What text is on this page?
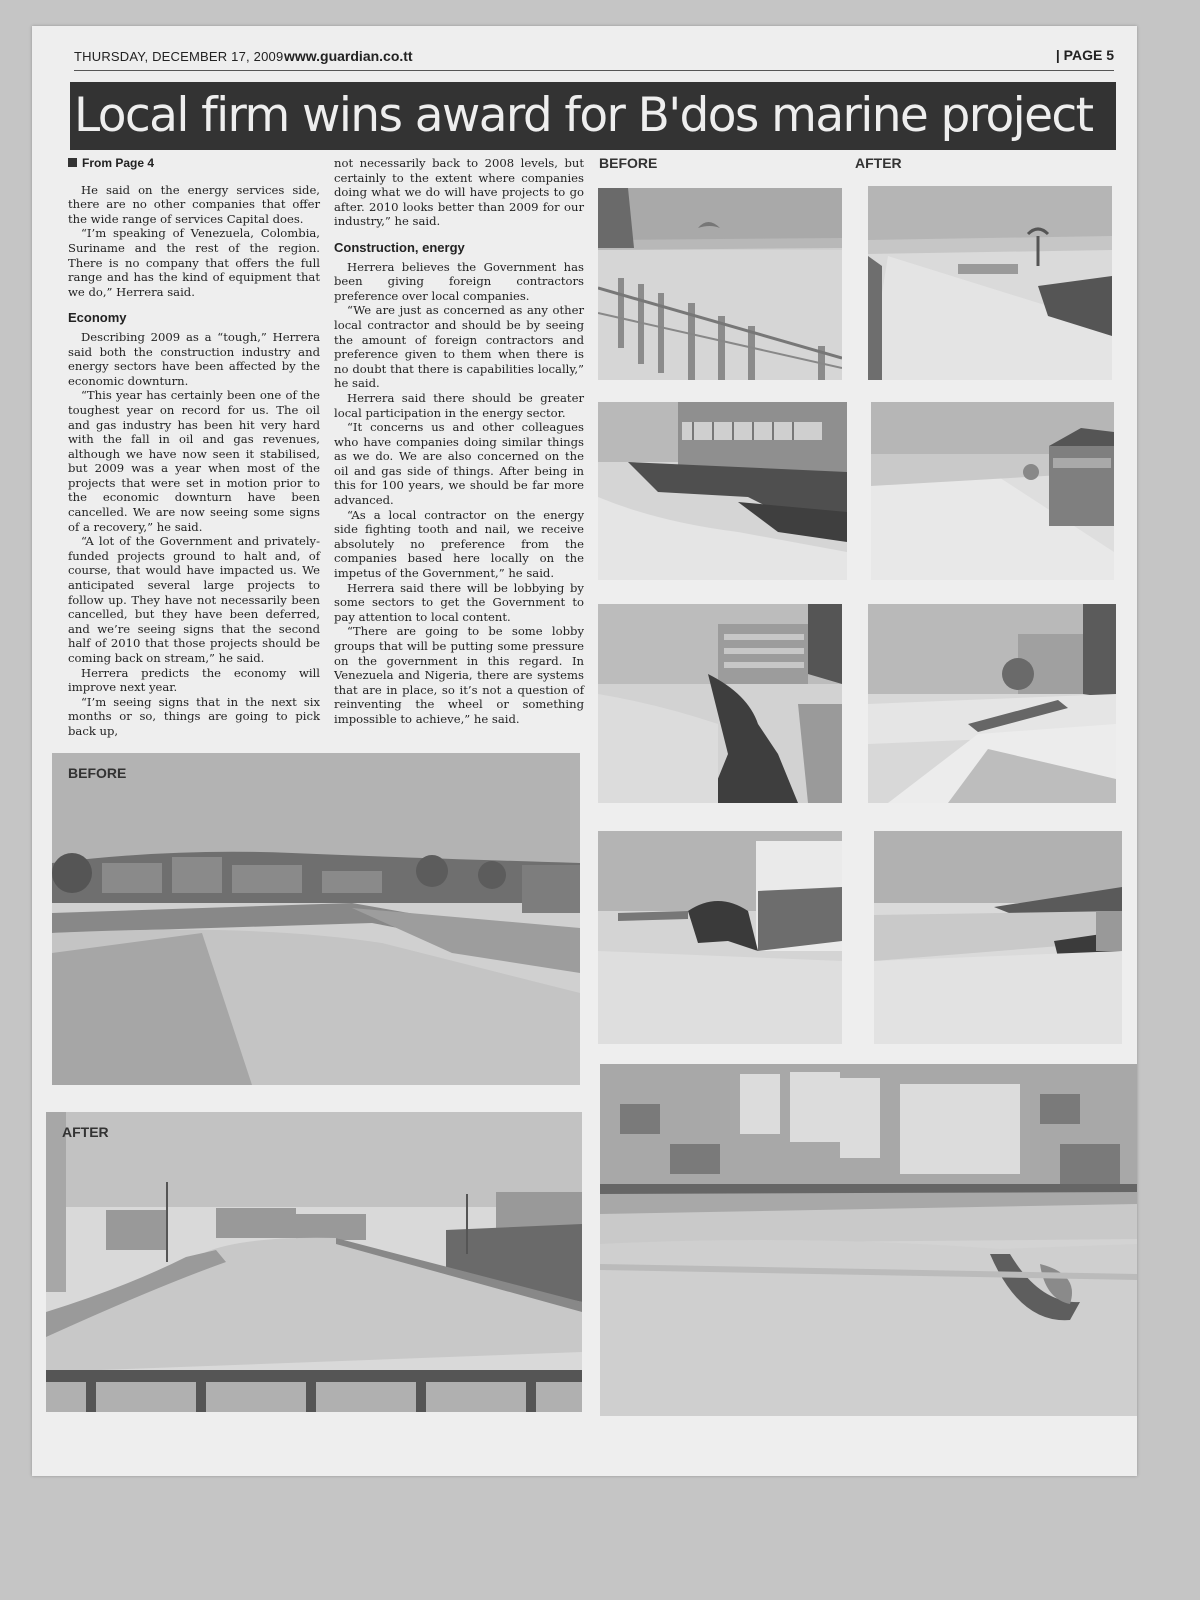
THURSDAY, DECEMBER 17, 2009 www.guardian.co.tt	| PAGE 5
Local firm wins award for B'dos marine project
From Page 4

He said on the energy services side, there are no other companies that offer the wide range of services Capital does.

“I’m speaking of Venezuela, Colombia, Suriname and the rest of the region. There is no company that offers the full range and has the kind of equipment that we do,” Herrera said.

Economy

Describing 2009 as a “tough,” Herrera said both the construction industry and energy sectors have been affected by the economic downturn.

“This year has certainly been one of the toughest year on record for us. The oil and gas industry has been hit very hard with the fall in oil and gas revenues, although we have now seen it stabilised, but 2009 was a year when most of the projects that were set in motion prior to the economic downturn have been cancelled. We are now seeing some signs of a recovery,” he said.

“A lot of the Government and privately-funded projects ground to halt and, of course, that would have impacted us. We anticipated several large projects to follow up. They have not necessarily been cancelled, but they have been deferred, and we’re seeing signs that the second half of 2010 that those projects should be coming back on stream,” he said.

Herrera predicts the economy will improve next year.

“I’m seeing signs that in the next six months or so, things are going to pick back up,

not necessarily back to 2008 levels, but certainly to the extent where companies doing what we do will have projects to go after. 2010 looks better than 2009 for our industry,” he said.

Construction, energy

Herrera believes the Government has been giving foreign contractors preference over local companies.

“We are just as concerned as any other local contractor and should be by seeing the amount of foreign contractors and preference given to them when there is no doubt that there is capabilities locally,” he said.

Herrera said there should be greater local participation in the energy sector.

“It concerns us and other colleagues who have companies doing similar things as we do. We are also concerned on the oil and gas side of things. After being in this for 100 years, we should be far more advanced.

“As a local contractor on the energy side fighting tooth and nail, we receive absolutely no preference from the companies based here locally on the impetus of the Government,” he said.

Herrera said there will be lobbying by some sectors to get the Government to pay attention to local content.

“There are going to be some lobby groups that will be putting some pressure on the government in this regard. In Venezuela and Nigeria, there are systems that are in place, so it’s not a question of reinventing the wheel or something impossible to achieve,” he said.

BEFORE	AFTER
BEFORE
AFTER
